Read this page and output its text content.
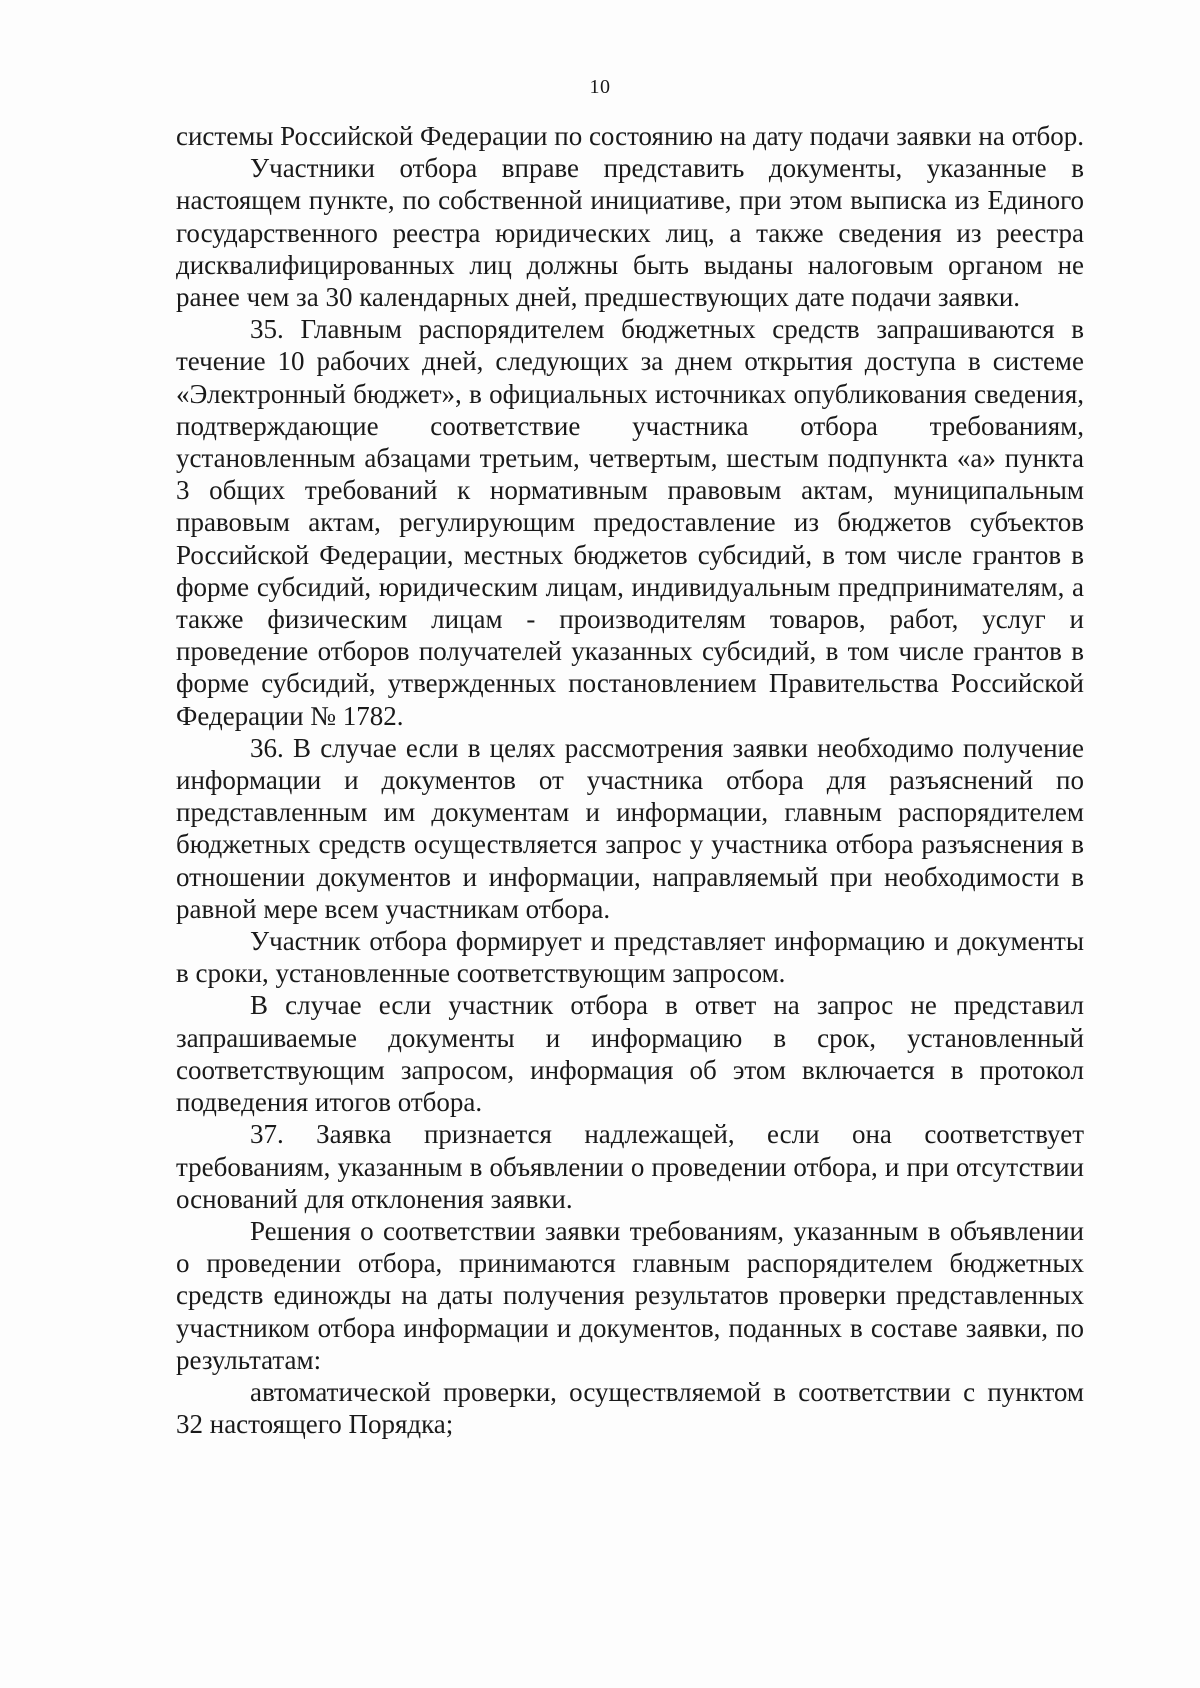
10

системы Российской Федерации по состоянию на дату подачи заявки на отбор.

Участники отбора вправе представить документы, указанные в настоящем пункте, по собственной инициативе, при этом выписка из Единого государственного реестра юридических лиц, а также сведения из реестра дисквалифицированных лиц должны быть выданы налоговым органом не ранее чем за 30 календарных дней, предшествующих дате подачи заявки.

35. Главным распорядителем бюджетных средств запрашиваются в течение 10 рабочих дней, следующих за днем открытия доступа в системе «Электронный бюджет», в официальных источниках опубликования сведения, подтверждающие соответствие участника отбора требованиям, установленным абзацами третьим, четвертым, шестым подпункта «а» пункта 3 общих требований к нормативным правовым актам, муниципальным правовым актам, регулирующим предоставление из бюджетов субъектов Российской Федерации, местных бюджетов субсидий, в том числе грантов в форме субсидий, юридическим лицам, индивидуальным предпринимателям, а также физическим лицам - производителям товаров, работ, услуг и проведение отборов получателей указанных субсидий, в том числе грантов в форме субсидий, утвержденных постановлением Правительства Российской Федерации № 1782.

36. В случае если в целях рассмотрения заявки необходимо получение информации и документов от участника отбора для разъяснений по представленным им документам и информации, главным распорядителем бюджетных средств осуществляется запрос у участника отбора разъяснения в отношении документов и информации, направляемый при необходимости в равной мере всем участникам отбора.

Участник отбора формирует и представляет информацию и документы в сроки, установленные соответствующим запросом.

В случае если участник отбора в ответ на запрос не представил запрашиваемые документы и информацию в срок, установленный соответствующим запросом, информация об этом включается в протокол подведения итогов отбора.

37. Заявка признается надлежащей, если она соответствует требованиям, указанным в объявлении о проведении отбора, и при отсутствии оснований для отклонения заявки.

Решения о соответствии заявки требованиям, указанным в объявлении о проведении отбора, принимаются главным распорядителем бюджетных средств единожды на даты получения результатов проверки представленных участником отбора информации и документов, поданных в составе заявки, по результатам:

автоматической проверки, осуществляемой в соответствии с пунктом 32 настоящего Порядка;
